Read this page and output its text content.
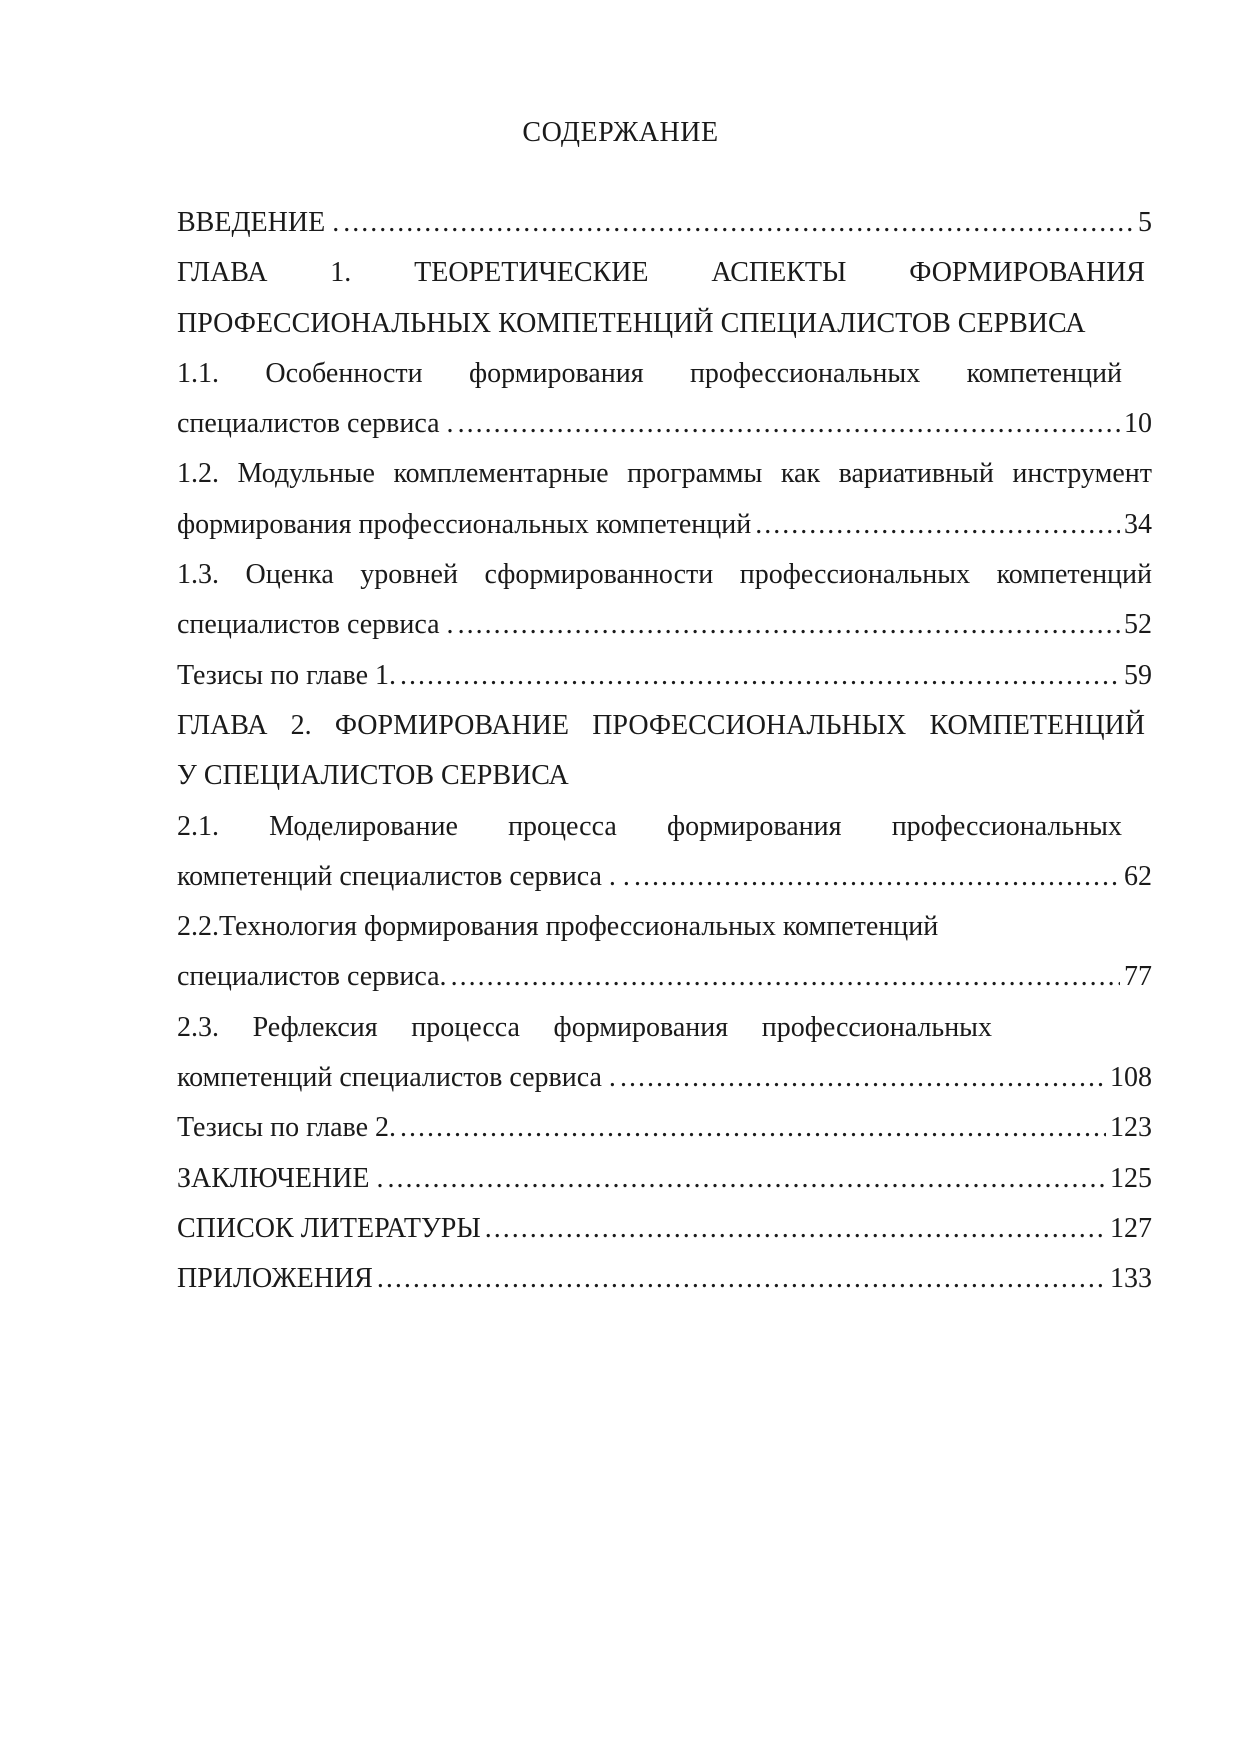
СОДЕРЖАНИЕ
ВВЕДЕНИЕ . .....	5
ГЛАВА 1. ТЕОРЕТИЧЕСКИЕ АСПЕКТЫ ФОРМИРОВАНИЯ
ПРОФЕССИОНАЛЬНЫХ КОМПЕТЕНЦИЙ СПЕЦИАЛИСТОВ СЕРВИСА
1.1. Особенности формирования профессиональных компетенций
специалистов сервиса . .....	10
1.2. Модульные комплементарные программы как вариативный инструмент
формирования профессиональных компетенций .....	34
1.3. Оценка уровней сформированности профессиональных компетенций
специалистов сервиса . .....	52
Тезисы по главе 1. .....	59
ГЛАВА 2. ФОРМИРОВАНИЕ ПРОФЕССИОНАЛЬНЫХ КОМПЕТЕНЦИЙ
У СПЕЦИАЛИСТОВ СЕРВИСА
2.1. Моделирование процесса формирования профессиональных
компетенций специалистов сервиса . . .....	62
2.2.Технология формирования профессиональных компетенций
специалистов сервиса. .....	77
2.3. Рефлексия процесса формирования профессиональных
компетенций специалистов сервиса . .....	108
Тезисы по главе 2. .....	123
ЗАКЛЮЧЕНИЕ . .....	125
СПИСОК ЛИТЕРАТУРЫ .....	127
ПРИЛОЖЕНИЯ .....	133
